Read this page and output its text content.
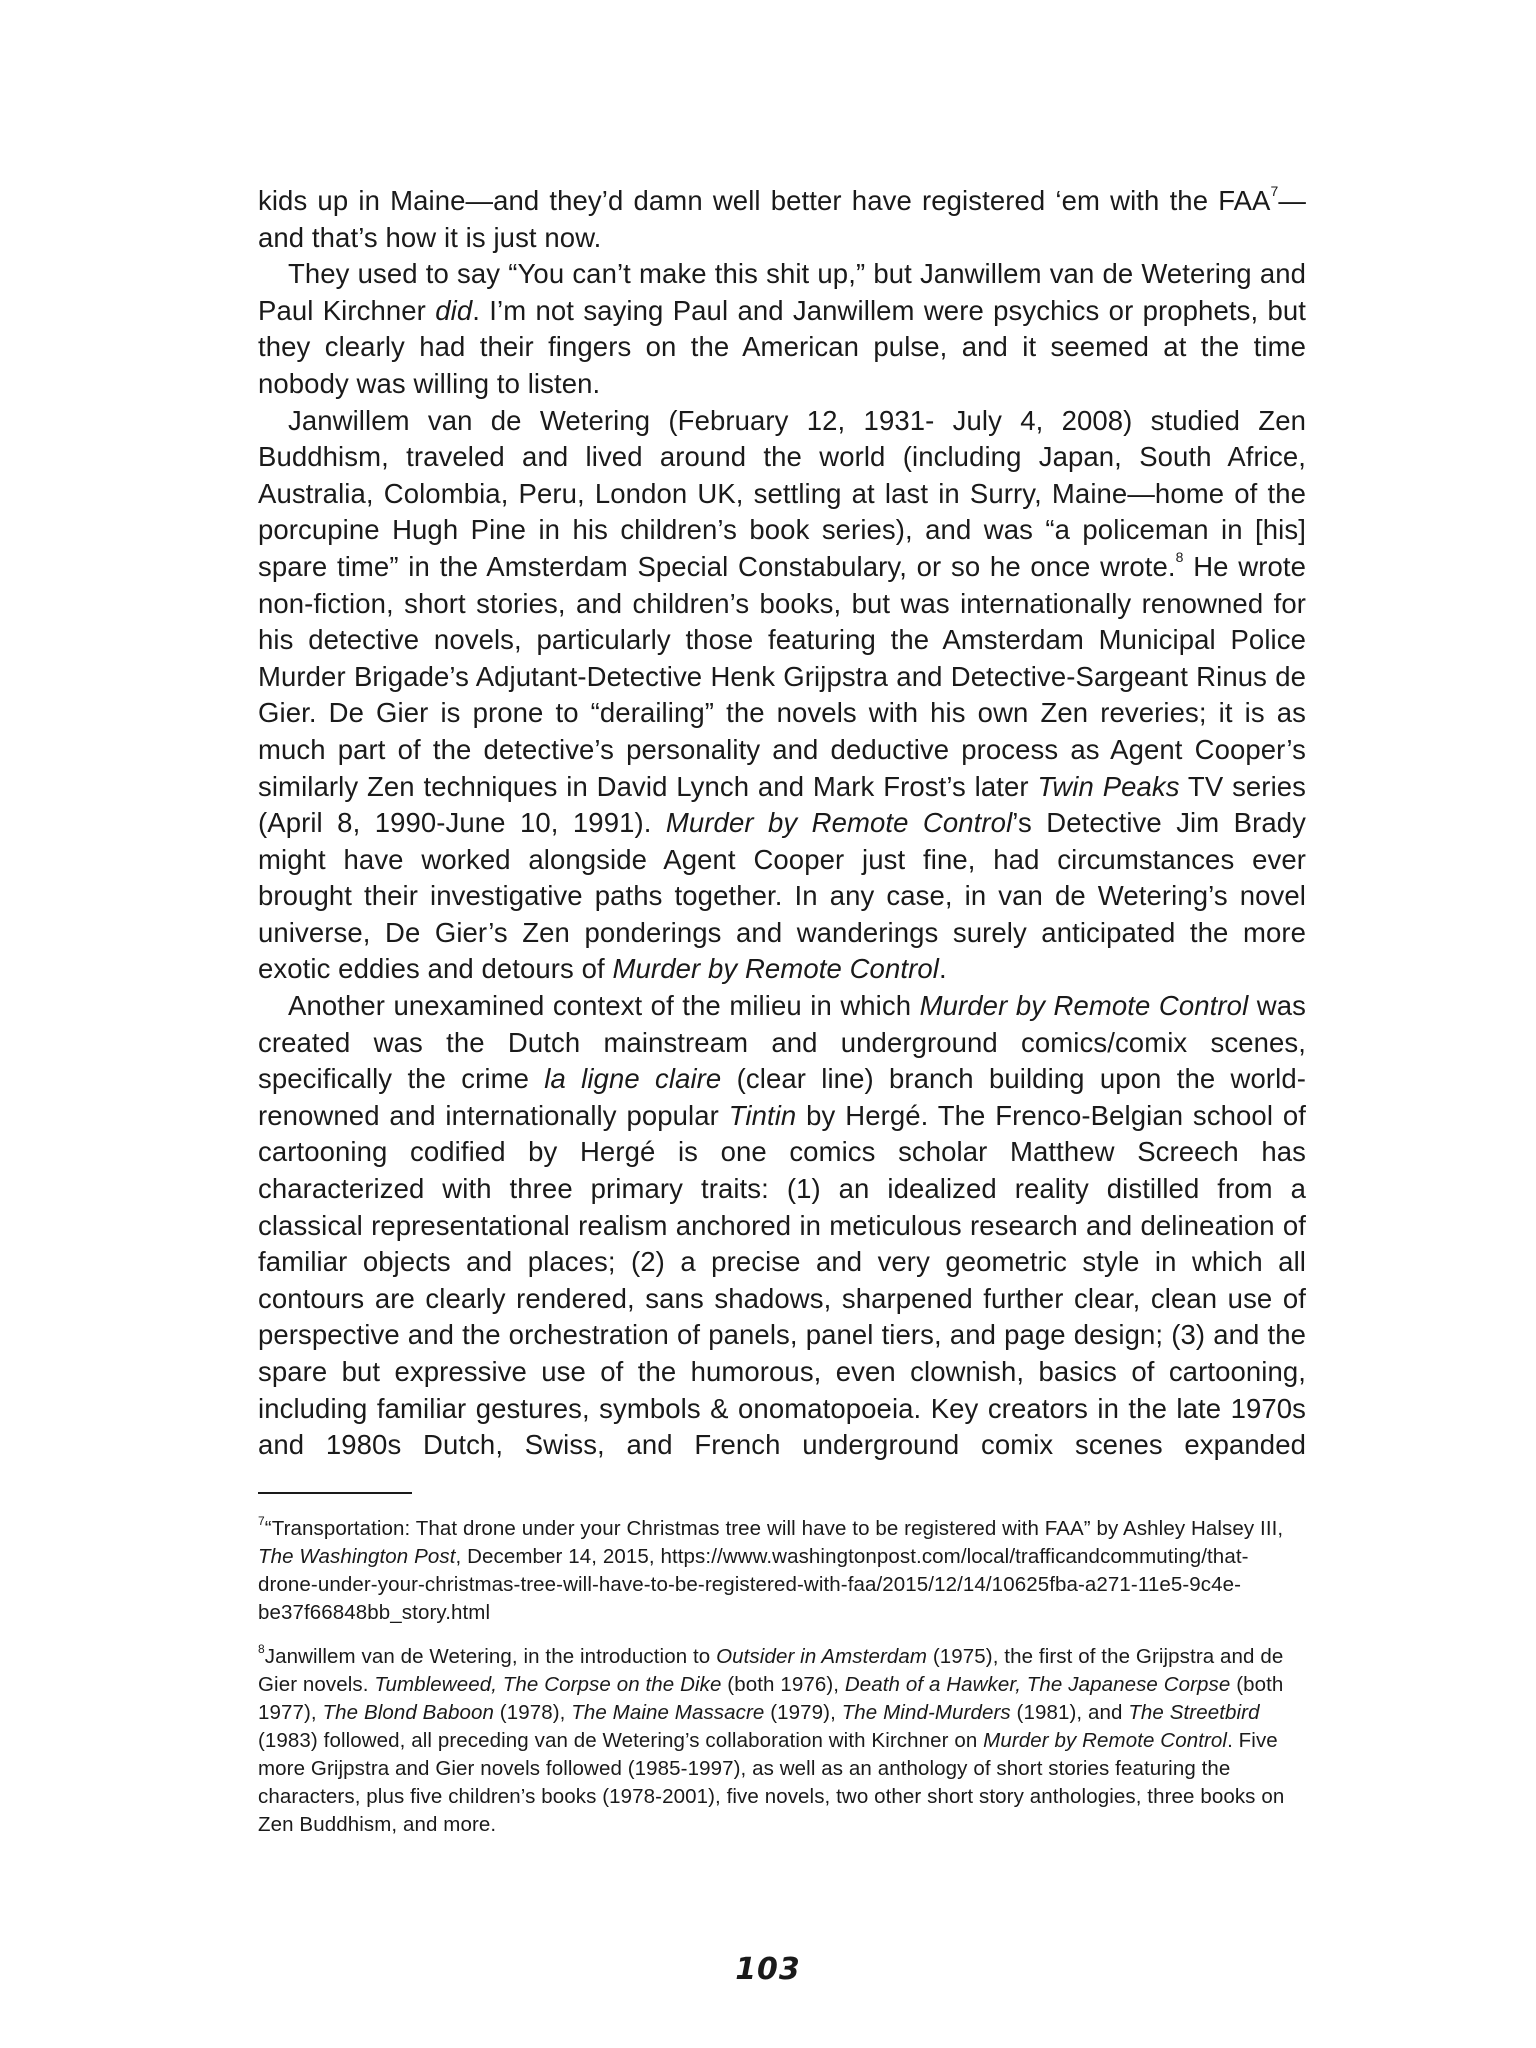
kids up in Maine—and they’d damn well better have registered ‘em with the FAA$^7$—and that’s how it is just now.

They used to say “You can’t make this shit up,” but Janwillem van de Wetering and Paul Kirchner did. I’m not saying Paul and Janwillem were psychics or prophets, but they clearly had their fingers on the American pulse, and it seemed at the time nobody was willing to listen.

Janwillem van de Wetering (February 12, 1931- July 4, 2008) studied Zen Buddhism, traveled and lived around the world (including Japan, South Africe, Australia, Colombia, Peru, London UK, settling at last in Surry, Maine—home of the porcupine Hugh Pine in his children’s book series), and was “a policeman in [his] spare time” in the Amsterdam Special Constabulary, or so he once wrote.$^8$ He wrote non-fiction, short stories, and children’s books, but was internationally renowned for his detective novels, particularly those featuring the Amsterdam Municipal Police Murder Brigade’s Adjutant-Detective Henk Grijpstra and Detective-Sargeant Rinus de Gier. De Gier is prone to “derailing” the novels with his own Zen reveries; it is as much part of the detective’s personality and deductive process as Agent Cooper’s similarly Zen techniques in David Lynch and Mark Frost’s later Twin Peaks TV series (April 8, 1990-June 10, 1991). Murder by Remote Control’s Detective Jim Brady might have worked alongside Agent Cooper just fine, had circumstances ever brought their investigative paths together. In any case, in van de Wetering’s novel universe, De Gier’s Zen ponderings and wanderings surely anticipated the more exotic eddies and detours of Murder by Remote Control.

Another unexamined context of the milieu in which Murder by Remote Control was created was the Dutch mainstream and underground comics/comix scenes, specifically the crime la ligne claire (clear line) branch building upon the world-renowned and internationally popular Tintin by Hergé. The Frenco-Belgian school of cartooning codified by Hergé is one comics scholar Matthew Screech has characterized with three primary traits: (1) an idealized reality distilled from a classical representational realism anchored in meticulous research and delineation of familiar objects and places; (2) a precise and very geometric style in which all contours are clearly rendered, sans shadows, sharpened further clear, clean use of perspective and the orchestration of panels, panel tiers, and page design; (3) and the spare but expressive use of the humorous, even clownish, basics of cartooning, including familiar gestures, symbols & onomatopoeia. Key creators in the late 1970s and 1980s Dutch, Swiss, and French underground comix scenes expanded

$^7$“Transportation: That drone under your Christmas tree will have to be registered with FAA” by Ashley Halsey III, The Washington Post, December 14, 2015, https://www.washingtonpost.com/local/trafficandcommuting/that-drone-under-your-christmas-tree-will-have-to-be-registered-with-faa/2015/12/14/10625fba-a271-11e5-9c4e-be37f66848bb_story.html

$^8$Janwillem van de Wetering, in the introduction to Outsider in Amsterdam (1975), the first of the Grijpstra and de Gier novels. Tumbleweed, The Corpse on the Dike (both 1976), Death of a Hawker, The Japanese Corpse (both 1977), The Blond Baboon (1978), The Maine Massacre (1979), The Mind-Murders (1981), and The Streetbird (1983) followed, all preceding van de Wetering’s collaboration with Kirchner on Murder by Remote Control. Five more Grijpstra and Gier novels followed (1985-1997), as well as an anthology of short stories featuring the characters, plus five children’s books (1978-2001), five novels, two other short story anthologies, three books on Zen Buddhism, and more.

103
